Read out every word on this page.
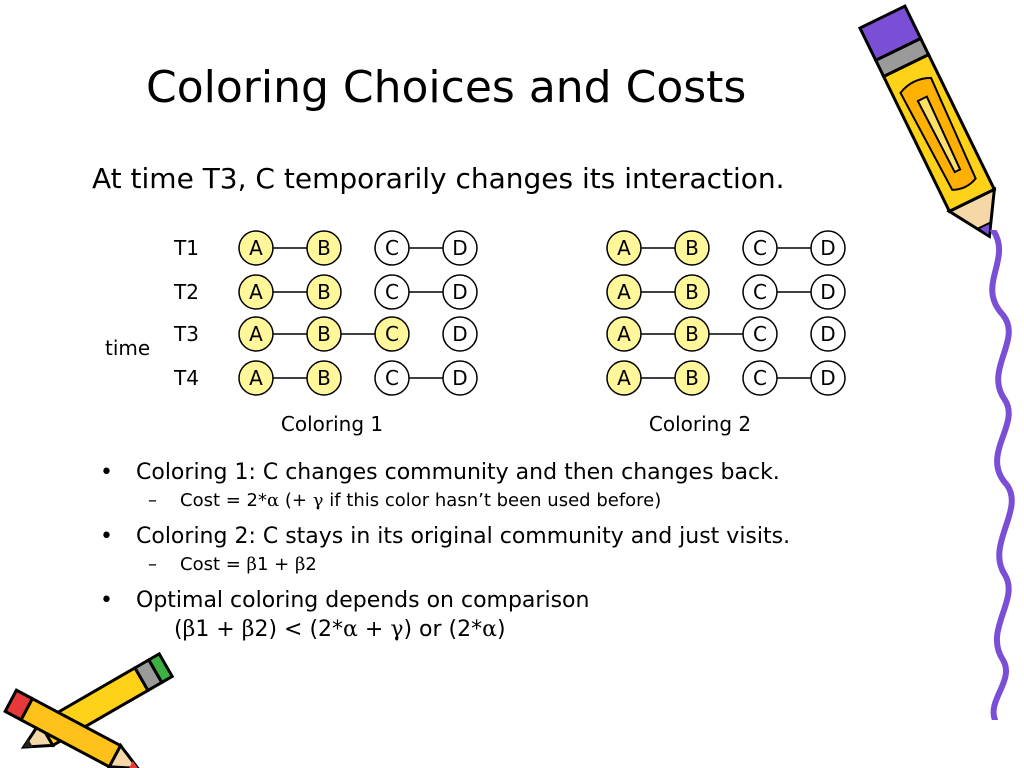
Coloring Choices and Costs
At time T3, C temporarily changes its interaction.
T1
T2
T3
T4
time
A	B	C	D
A	B	C	D
A	B	C	D
A	B	C	D
Coloring 1
A	B	C	D
A	B	C	D
A	B	C	D
A	B	C	D
Coloring 2
• Coloring 1: C changes community and then changes back.
– Cost = 2*α (+ γ if this color hasn’t been used before)
• Coloring 2: C stays in its original community and just visits.
– Cost = β1 + β2
• Optimal coloring depends on comparison
(β1 + β2) < (2*α + γ) or (2*α)
